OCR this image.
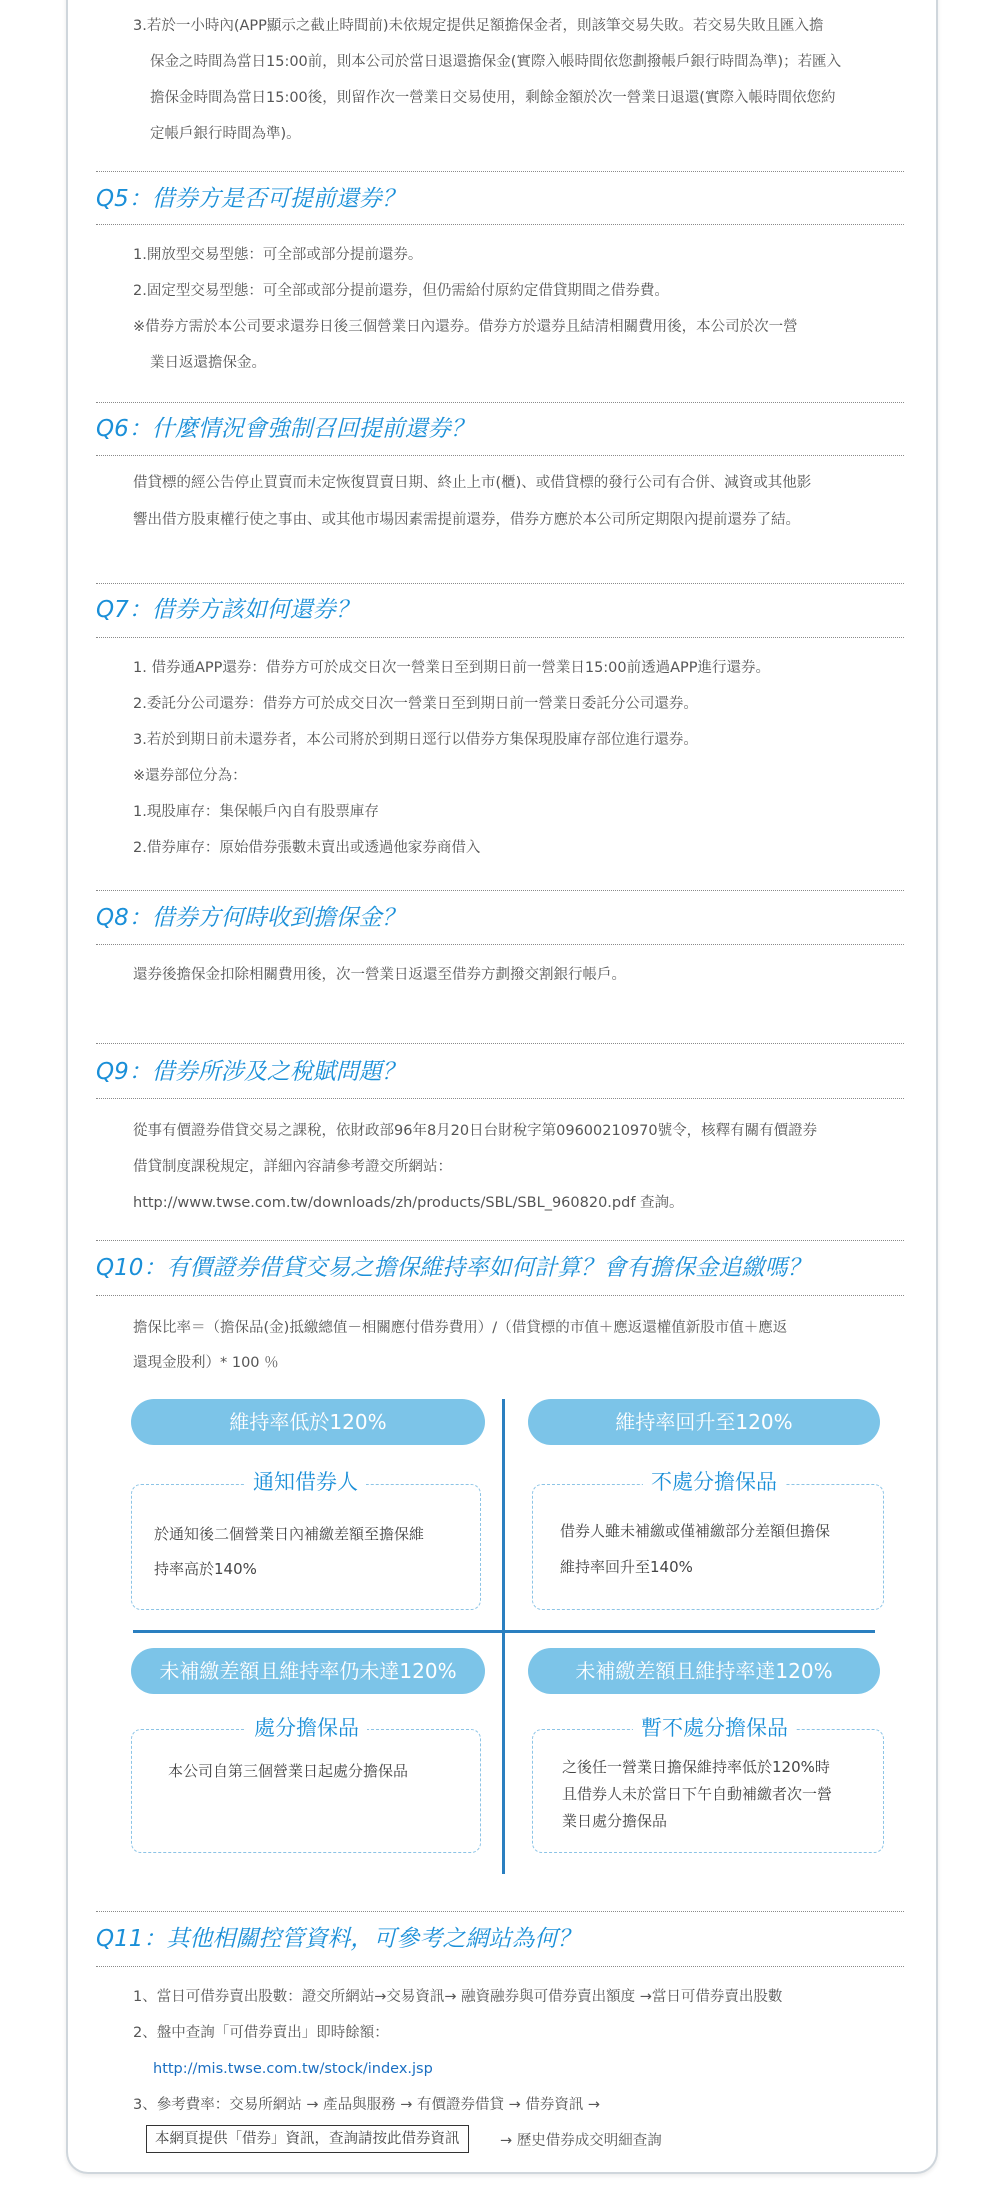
3.若於一小時內(APP顯示之截止時間前)未依規定提供足額擔保金者，則該筆交易失敗。若交易失敗且匯入擔
保金之時間為當日15:00前，則本公司於當日退還擔保金(實際入帳時間依您劃撥帳戶銀行時間為準)；若匯入
擔保金時間為當日15:00後，則留作次一營業日交易使用，剩餘金額於次一營業日退還(實際入帳時間依您約
定帳戶銀行時間為準)。
Q5：借券方是否可提前還券？
1.開放型交易型態：可全部或部分提前還券。
2.固定型交易型態：可全部或部分提前還券，但仍需給付原約定借貸期間之借券費。
※借券方需於本公司要求還券日後三個營業日內還券。借券方於還券且結清相關費用後，本公司於次一營
業日返還擔保金。
Q6：什麼情況會強制召回提前還券？
借貸標的經公告停止買賣而未定恢復買賣日期、終止上市(櫃)、或借貸標的發行公司有合併、減資或其他影
響出借方股東權行使之事由、或其他市場因素需提前還券，借券方應於本公司所定期限內提前還券了結。
Q7：借券方該如何還券？
1. 借券通APP還券：借券方可於成交日次一營業日至到期日前一營業日15:00前透過APP進行還券。
2.委託分公司還券：借券方可於成交日次一營業日至到期日前一營業日委託分公司還券。
3.若於到期日前未還券者，本公司將於到期日逕行以借券方集保現股庫存部位進行還券。
※還券部位分為：
1.現股庫存：集保帳戶內自有股票庫存
2.借券庫存：原始借券張數未賣出或透過他家券商借入
Q8：借券方何時收到擔保金？
還券後擔保金扣除相關費用後，次一營業日返還至借券方劃撥交割銀行帳戶。
Q9：借券所涉及之稅賦問題？
從事有價證券借貸交易之課稅，依財政部96年8月20日台財稅字第09600210970號令，核釋有關有價證券
借貸制度課稅規定，詳細內容請參考證交所網站：
http://www.twse.com.tw/downloads/zh/products/SBL/SBL_960820.pdf 查詢。
Q10：有價證券借貸交易之擔保維持率如何計算？會有擔保金追繳嗎？
擔保比率＝（擔保品(金)抵繳總值－相關應付借券費用）/（借貸標的市值＋應返還權值新股市值＋應返
還現金股利）* 100 ％
維持率低於120%
通知借券人
於通知後二個營業日內補繳差額至擔保維
持率高於140%
維持率回升至120%
不處分擔保品
借券人雖未補繳或僅補繳部分差額但擔保
維持率回升至140%
未補繳差額且維持率仍未達120%
處分擔保品
本公司自第三個營業日起處分擔保品
未補繳差額且維持率達120%
暫不處分擔保品
之後任一營業日擔保維持率低於120%時
且借券人未於當日下午自動補繳者次一營
業日處分擔保品
Q11：其他相關控管資料，可參考之網站為何？
1、當日可借券賣出股數：證交所網站→交易資訊→ 融資融券與可借券賣出額度 →當日可借券賣出股數
2、盤中查詢「可借券賣出」即時餘額：
http://mis.twse.com.tw/stock/index.jsp
3、參考費率：交易所網站 → 產品與服務 → 有價證券借貸 → 借券資訊 →
本網頁提供「借券」資訊，查詢請按此借券資訊	→ 歷史借券成交明細查詢
